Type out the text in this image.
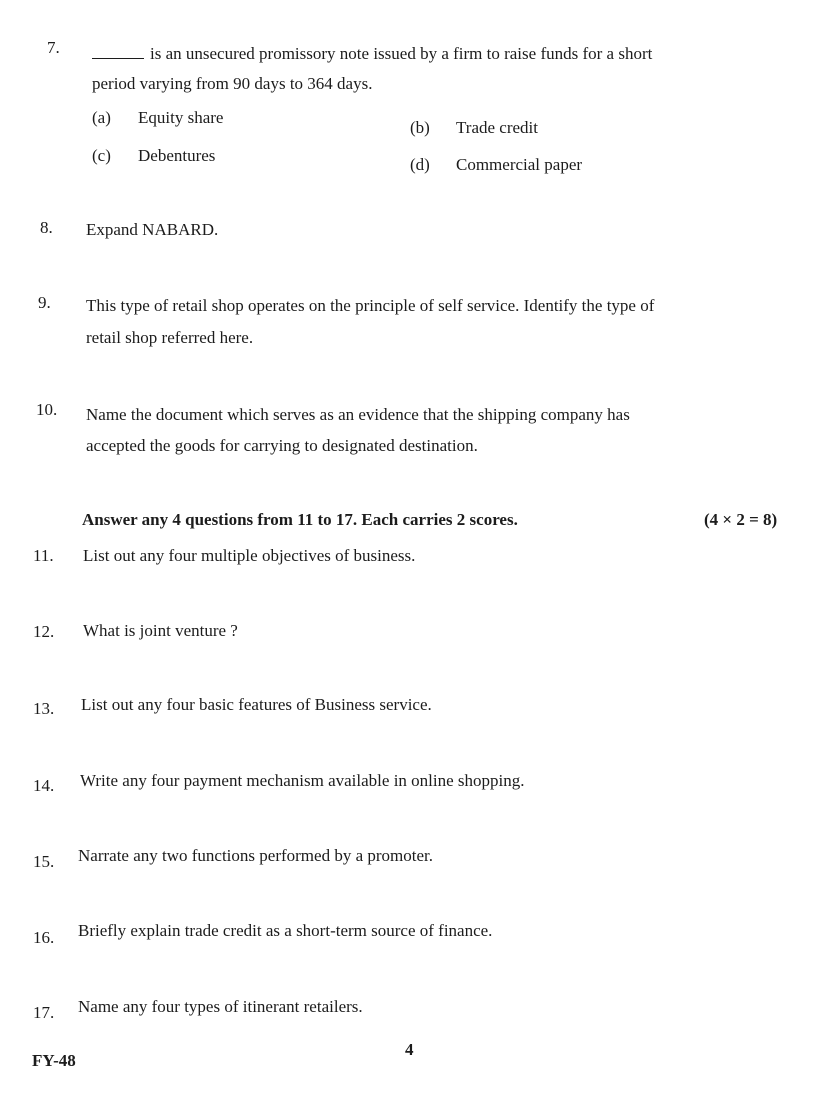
7.	is an unsecured promissory note issued by a firm to raise funds for a short
period varying from 90 days to 364 days.
(a) Equity share
(b) Trade credit
(c) Debentures	(d) Commercial paper
8. Expand NABARD.
9. This type of retail shop operates on the principle of self service. Identify the type of
retail shop referred here.
10. Name the document which serves as an evidence that the shipping company has
accepted the goods for carrying to designated destination.
Answer any 4 questions from 11 to 17. Each carries 2 scores.	(4 × 2 = 8)
11. List out any four multiple objectives of business.
12. What is joint venture ?
13. List out any four basic features of Business service.
14. Write any four payment mechanism available in online shopping.
15. Narrate any two functions performed by a promoter.
16. Briefly explain trade credit as a short-term source of finance.
17. Name any four types of itinerant retailers.
FY-48
4
